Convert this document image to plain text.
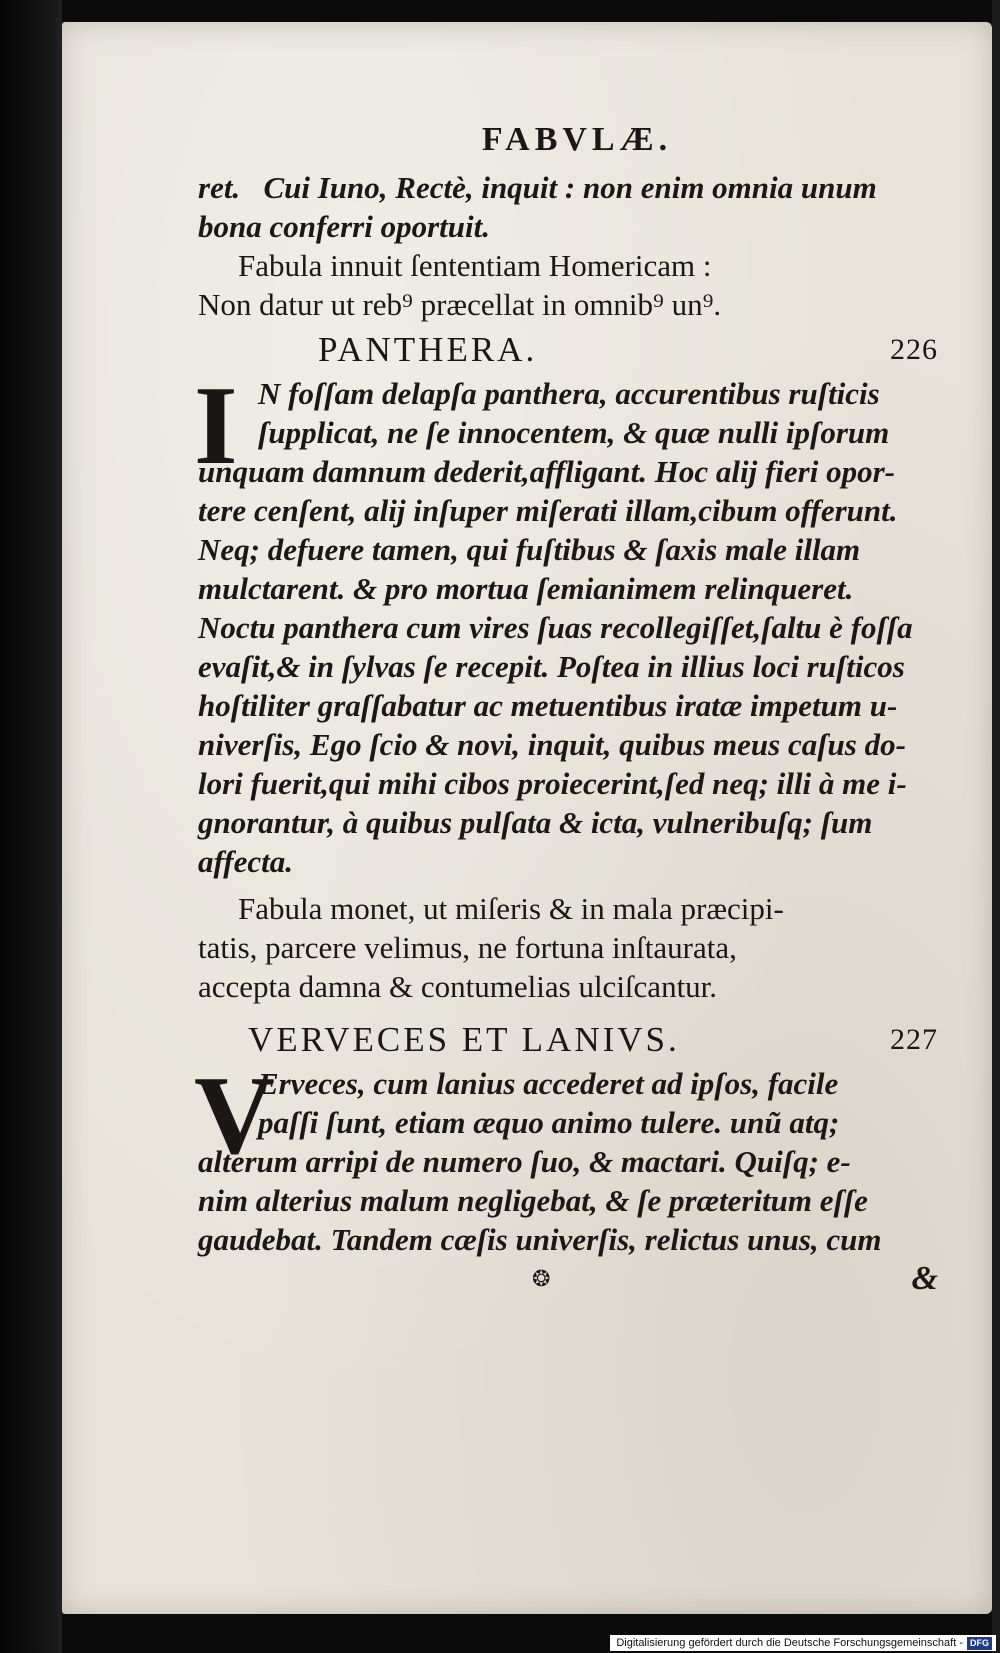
FABVLÆ.
ret. Cui Iuno, Rectè, inquit : non enim omnia unum
bona conferri oportuit.
Fabula innuit ſententiam Homericam :
Non datur ut reb⁹ præcellat in omnib⁹ un⁹.
PANTHERA.	226
I N foſſam delapſa panthera, accurentibus ruſticis
ſupplicat, ne ſe innocentem, & quæ nulli ipſorum
unquam damnum dederit,affligant. Hoc alij fieri opor-
tere cenſent, alij inſuper miſerati illam,cibum offerunt.
Neq; defuere tamen, qui fuſtibus & ſaxis male illam
mulctarent. & pro mortua ſemianimem relinqueret.
Noctu panthera cum vires ſuas recollegiſſet,ſaltu è foſſa
evaſit,& in ſylvas ſe recepit. Poſtea in illius loci ruſticos
hoſtiliter graſſabatur ac metuentibus iratæ impetum u-
niverſis, Ego ſcio & novi, inquit, quibus meus caſus do-
lori fuerit,qui mihi cibos proiecerint,ſed neq; illi à me i-
gnorantur, à quibus pulſata & icta, vulneribuſq; ſum
affecta.
Fabula monet, ut miſeris & in mala præcipi-
tatis, parcere velimus, ne fortuna inſtaurata,
accepta damna & contumelias ulciſcantur.
VERVECES ET LANIVS.	227
V
Erveces, cum lanius accederet ad ipſos, facile
paſſi ſunt, etiam æquo animo tulere. unũ atq;
alterum arripi de numero ſuo, & mactari. Quiſq; e-
nim alterius malum negligebat, & ſe præteritum eſſe
gaudebat. Tandem cæſis univerſis, relictus unus, cum
❂	&
Digitalisierung gefördert durch die Deutsche Forschungsgemeinschaft - DFG
